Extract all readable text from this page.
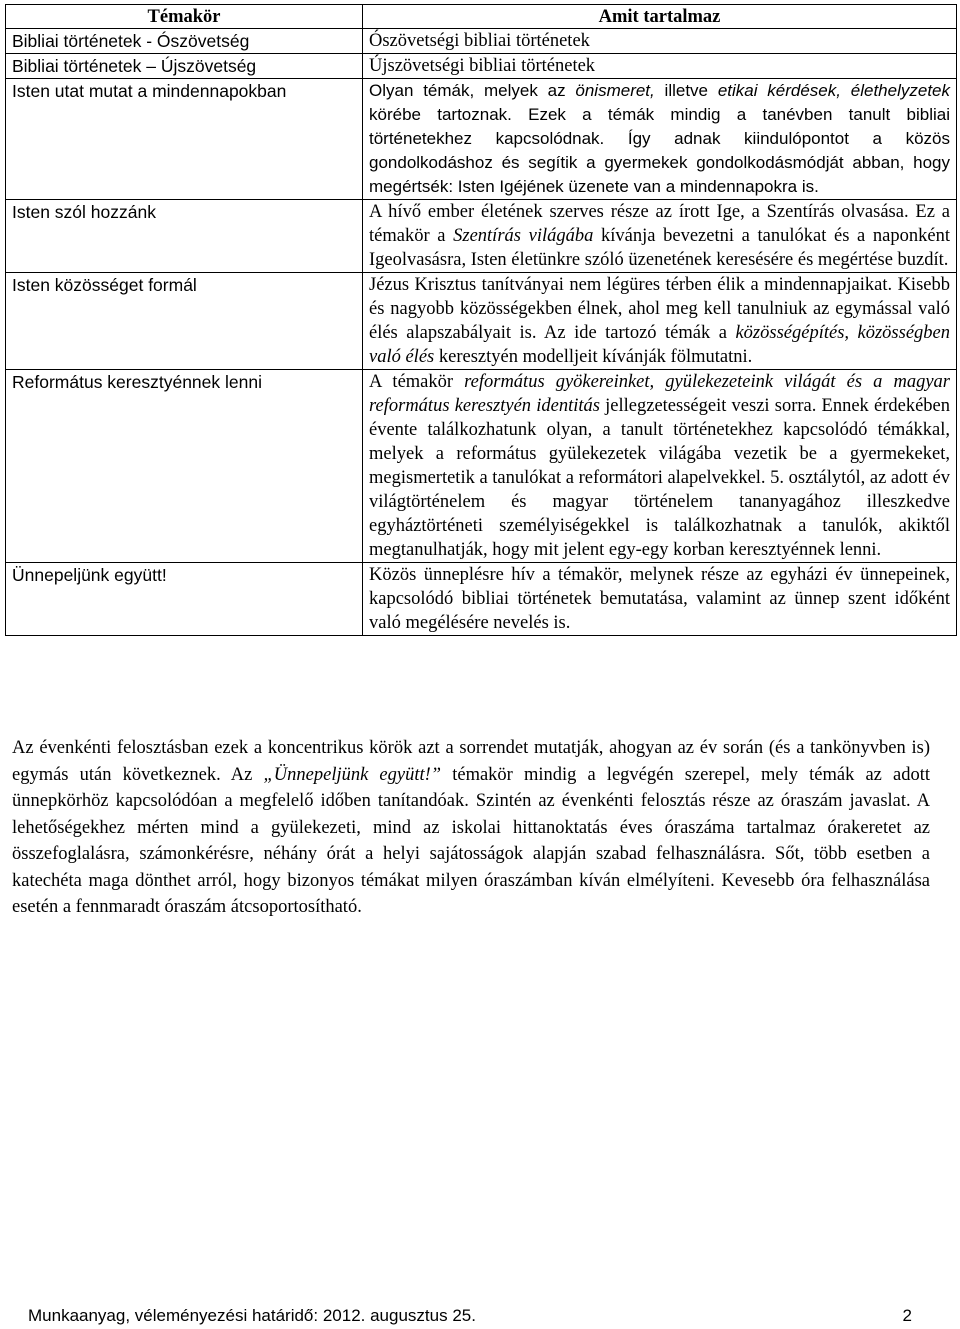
Témakör	Amit tartalmaz
Bibliai történetek - Ószövetség	Ószövetségi bibliai történetek
Bibliai történetek – Újszövetség	Újszövetségi bibliai történetek
Isten utat mutat a mindennapokban	Olyan témák, melyek az önismeret, illetve etikai kérdések, élethelyzetek körébe tartoznak. Ezek a témák mindig a tanévben tanult bibliai történetekhez kapcsolódnak. Így adnak kiindulópontot a közös gondolkodáshoz és segítik a gyermekek gondolkodásmódját abban, hogy megértsék: Isten Igéjének üzenete van a mindennapokra is.

Isten szól hozzánk	A hívő ember életének szerves része az írott Ige, a Szentírás olvasása. Ez a témakör a Szentírás világába kívánja bevezetni a tanulókat és a naponként Igeolvasásra, Isten életünkre szóló üzenetének keresésére és megértése buzdít.

Isten közösséget formál	Jézus Krisztus tanítványai nem légüres térben élik a mindennapjaikat. Kisebb és nagyobb közösségekben élnek, ahol meg kell tanulniuk az egymással való élés alapszabályait is. Az ide tartozó témák a közösségépítés, közösségben való élés keresztyén modelljeit kívánják fölmutatni.

Református keresztyénnek lenni	A témakör református gyökereinket, gyülekezeteink világát és a magyar református keresztyén identitás jellegzetességeit veszi sorra. Ennek érdekében évente találkozhatunk olyan, a tanult történetekhez kapcsolódó témákkal, melyek a református gyülekezetek világába vezetik be a gyermekeket, megismertetik a tanulókat a reformátori alapelvekkel. 5. osztálytól, az adott év világtörténelem és magyar történelem tananyagához illeszkedve egyháztörténeti személyiségekkel is találkozhatnak a tanulók, akiktől megtanulhatják, hogy mit jelent egy-egy korban keresztyénnek lenni.

Ünnepeljünk együtt!	Közös ünneplésre hív a témakör, melynek része az egyházi év ünnepeinek, kapcsolódó bibliai történetek bemutatása, valamint az ünnep szent időként való megélésére nevelés is.

Az évenkénti felosztásban ezek a koncentrikus körök azt a sorrendet mutatják, ahogyan az év során (és a tankönyvben is) egymás után következnek. Az „Ünnepeljünk együtt!” témakör mindig a legvégén szerepel, mely témák az adott ünnepkörhöz kapcsolódóan a megfelelő időben tanítandóak. Szintén az évenkénti felosztás része az óraszám javaslat. A lehetőségekhez mérten mind a gyülekezeti, mind az iskolai hittanoktatás éves óraszáma tartalmaz órakeretet az összefoglalásra, számonkérésre, néhány órát a helyi sajátosságok alapján szabad felhasználásra. Sőt, több esetben a katechéta maga dönthet arról, hogy bizonyos témákat milyen óraszámban kíván elmélyíteni. Kevesebb óra felhasználása esetén a fennmaradt óraszám átcsoportosítható.

Munkaanyag, véleményezési határidő: 2012. augusztus 25.	2
